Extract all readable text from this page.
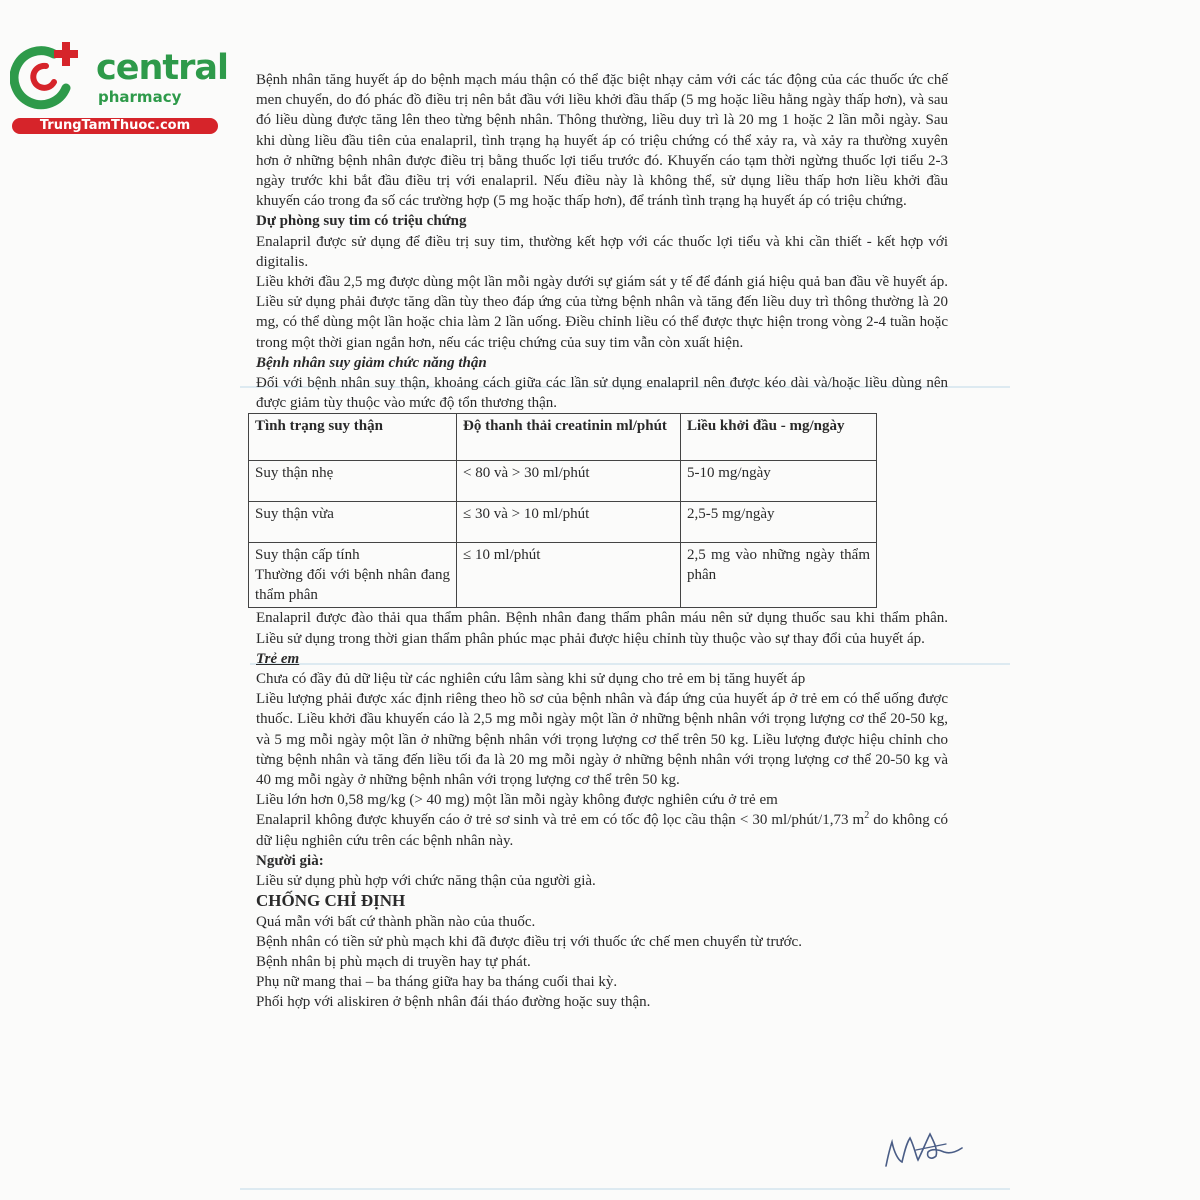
central
pharmacy
TrungTamThuoc.com

Bệnh nhân tăng huyết áp do bệnh mạch máu thận có thể đặc biệt nhạy cảm với các tác động của các thuốc ức chế men chuyển, do đó phác đồ điều trị nên bắt đầu với liều khởi đầu thấp (5 mg hoặc liều hằng ngày thấp hơn), và sau đó liều dùng được tăng lên theo từng bệnh nhân. Thông thường, liều duy trì là 20 mg 1 hoặc 2 lần mỗi ngày. Sau khi dùng liều đầu tiên của enalapril, tình trạng hạ huyết áp có triệu chứng có thể xảy ra, và xảy ra thường xuyên hơn ở những bệnh nhân được điều trị bằng thuốc lợi tiểu trước đó. Khuyến cáo tạm thời ngừng thuốc lợi tiểu 2-3 ngày trước khi bắt đầu điều trị với enalapril. Nếu điều này là không thể, sử dụng liều thấp hơn liều khởi đầu khuyến cáo trong đa số các trường hợp (5 mg hoặc thấp hơn), để tránh tình trạng hạ huyết áp có triệu chứng.

Dự phòng suy tim có triệu chứng

Enalapril được sử dụng để điều trị suy tim, thường kết hợp với các thuốc lợi tiểu và khi cần thiết - kết hợp với digitalis.

Liều khởi đầu 2,5 mg được dùng một lần mỗi ngày dưới sự giám sát y tế để đánh giá hiệu quả ban đầu về huyết áp. Liều sử dụng phải được tăng dần tùy theo đáp ứng của từng bệnh nhân và tăng đến liều duy trì thông thường là 20 mg, có thể dùng một lần hoặc chia làm 2 lần uống. Điều chỉnh liều có thể được thực hiện trong vòng 2-4 tuần hoặc trong một thời gian ngắn hơn, nếu các triệu chứng của suy tim vẫn còn xuất hiện.

Bệnh nhân suy giảm chức năng thận

Đối với bệnh nhân suy thận, khoảng cách giữa các lần sử dụng enalapril nên được kéo dài và/hoặc liều dùng nên được giảm tùy thuộc vào mức độ tổn thương thận.

Tình trạng suy thận	Độ thanh thải creatinin ml/phút	Liều khởi đầu - mg/ngày
Suy thận nhẹ	< 80 và > 30 ml/phút	5-10 mg/ngày
Suy thận vừa	≤ 30 và > 10 ml/phút	2,5-5 mg/ngày

Suy thận cấp tính
Thường đối với bệnh nhân đang thẩm phân	≤ 10 ml/phút	2,5 mg vào những ngày thẩm phân

Enalapril được đào thải qua thẩm phân. Bệnh nhân đang thẩm phân máu nên sử dụng thuốc sau khi thẩm phân. Liều sử dụng trong thời gian thẩm phân phúc mạc phải được hiệu chỉnh tùy thuộc vào sự thay đổi của huyết áp.

Trẻ em

Chưa có đầy đủ dữ liệu từ các nghiên cứu lâm sàng khi sử dụng cho trẻ em bị tăng huyết áp

Liều lượng phải được xác định riêng theo hồ sơ của bệnh nhân và đáp ứng của huyết áp ở trẻ em có thể uống được thuốc. Liều khởi đầu khuyến cáo là 2,5 mg mỗi ngày một lần ở những bệnh nhân với trọng lượng cơ thể 20-50 kg, và 5 mg mỗi ngày một lần ở những bệnh nhân với trọng lượng cơ thể trên 50 kg. Liều lượng được hiệu chỉnh cho từng bệnh nhân và tăng đến liều tối đa là 20 mg mỗi ngày ở những bệnh nhân với trọng lượng cơ thể 20-50 kg và 40 mg mỗi ngày ở những bệnh nhân với trọng lượng cơ thể trên 50 kg.

Liều lớn hơn 0,58 mg/kg (> 40 mg) một lần mỗi ngày không được nghiên cứu ở trẻ em

Enalapril không được khuyến cáo ở trẻ sơ sinh và trẻ em có tốc độ lọc cầu thận < 30 ml/phút/1,73 $m^2$ do không có dữ liệu nghiên cứu trên các bệnh nhân này.

Người già:

Liều sử dụng phù hợp với chức năng thận của người già.

CHỐNG CHỈ ĐỊNH

Quá mẫn với bất cứ thành phần nào của thuốc.

Bệnh nhân có tiền sử phù mạch khi đã được điều trị với thuốc ức chế men chuyển từ trước.

Bệnh nhân bị phù mạch di truyền hay tự phát.

Phụ nữ mang thai – ba tháng giữa hay ba tháng cuối thai kỳ.

Phối hợp với aliskiren ở bệnh nhân đái tháo đường hoặc suy thận.
